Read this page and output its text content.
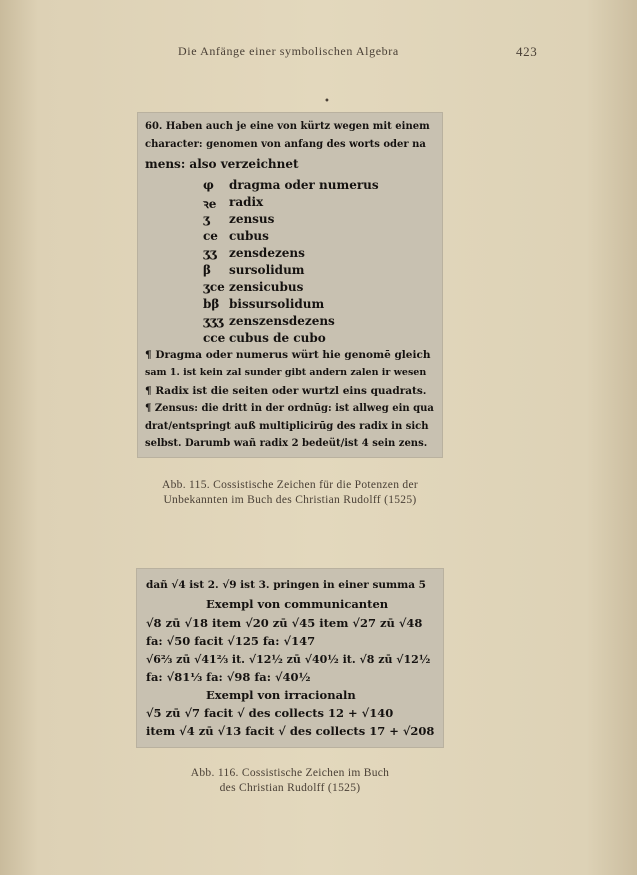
Die Anfänge einer symbolischen Algebra	423
•
60. Haben auch je eine von kürtz wegen mit einem
character: genomen von anfang des worts oder na
mens: also verzeichnet
φ	dragma oder numerus
ꝛe	radix
ʒ	zensus
ce cubus
ʒʒ	zensdezens
β	sursolidum
ʒce zensicubus
bβ bissursolidum
ʒʒʒ zenszensdezens
cce cubus de cubo
¶ Dragma oder numerus würt hie genomē gleich
sam 1. ist kein zal sunder gibt andern zalen ir wesen
¶ Radix ist die seiten oder wurtzl eins quadrats.
¶ Zensus: die dritt in der ordnūg: ist allweg ein qua
drat/entspringt auß multiplicirūg des radix in sich
selbst. Darumb wañ radix 2 bedeüt/ist 4 sein zens.
Abb. 115. Cossistische Zeichen für die Potenzen der Unbekannten im Buch des Christian Rudolff (1525)
dañ √4 ist 2. √9 ist 3. pringen in einer summa 5
Exempl von communicanten
√8 zū √18 item √20 zū √45 item √27 zū √48
fa: √50 facit √125 fa: √147
√6⅔ zū √41⅔ it. √12½ zū √40½ it. √8 zū √12½
fa: √81⅓ fa: √98 fa: √40½
Exempl von irracionaln
√5 zū √7 facit √ des collects 12 + √140
item √4 zū √13 facit √ des collects 17 + √208
Abb. 116. Cossistische Zeichen im Buch
des Christian Rudolff (1525)
